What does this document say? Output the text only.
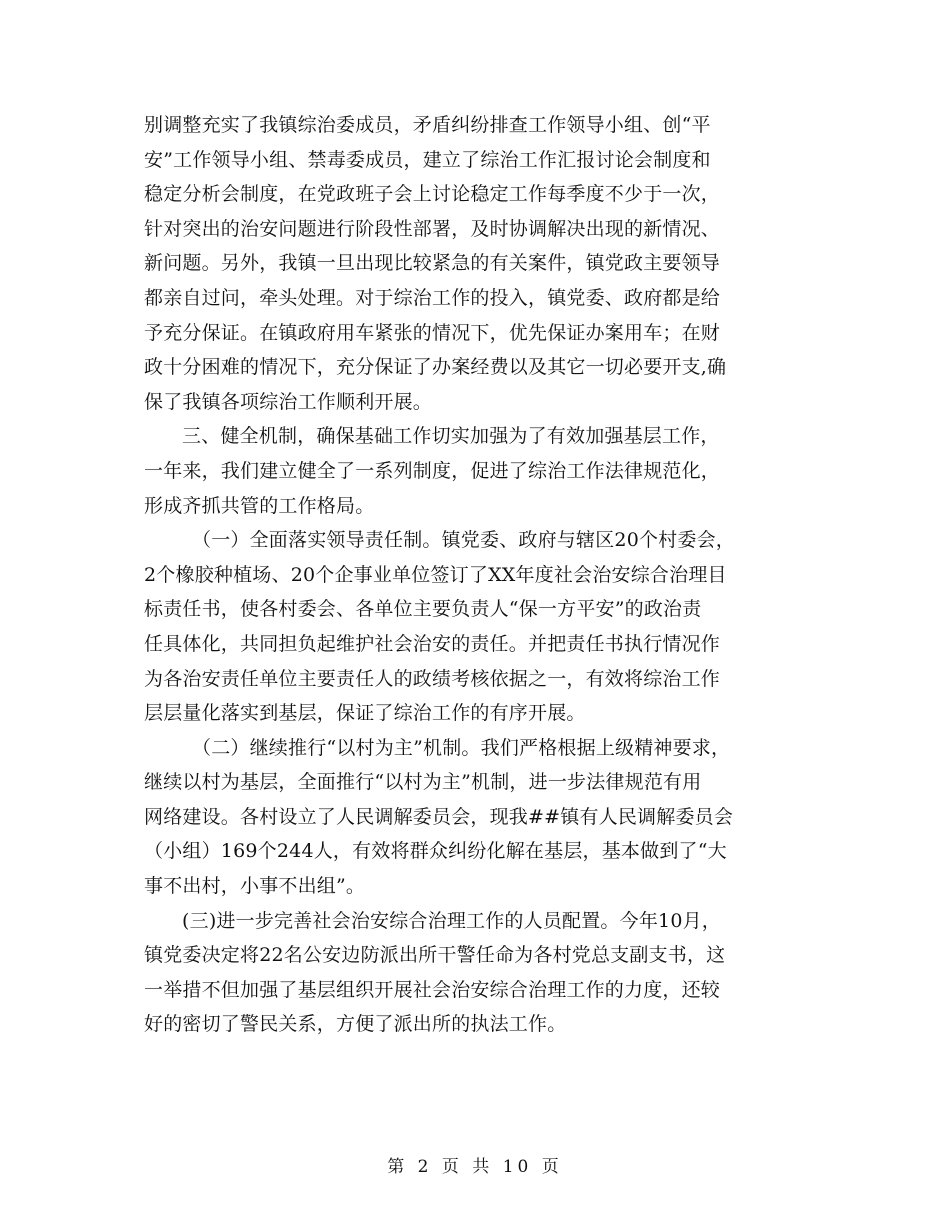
别调整充实了我镇综治委成员，矛盾纠纷排查工作领导小组、创“平
安”工作领导小组、禁毒委成员，建立了综治工作汇报讨论会制度和
稳定分析会制度，在党政班子会上讨论稳定工作每季度不少于一次，
针对突出的治安问题进行阶段性部署，及时协调解决出现的新情况、
新问题。另外，我镇一旦出现比较紧急的有关案件，镇党政主要领导
都亲自过问，牵头处理。对于综治工作的投入，镇党委、政府都是给
予充分保证。在镇政府用车紧张的情况下，优先保证办案用车；在财
政十分困难的情况下，充分保证了办案经费以及其它一切必要开支,确
保了我镇各项综治工作顺利开展。

三、健全机制，确保基础工作切实加强为了有效加强基层工作，
一年来，我们建立健全了一系列制度，促进了综治工作法律规范化，
形成齐抓共管的工作格局。

（一）全面落实领导责任制。镇党委、政府与辖区20个村委会，
2个橡胶种植场、20个企事业单位签订了XX年度社会治安综合治理目
标责任书，使各村委会、各单位主要负责人“保一方平安”的政治责
任具体化，共同担负起维护社会治安的责任。并把责任书执行情况作
为各治安责任单位主要责任人的政绩考核依据之一，有效将综治工作
层层量化落实到基层，保证了综治工作的有序开展。

（二）继续推行“以村为主”机制。我们严格根据上级精神要求，
继续以村为基层，全面推行“以村为主”机制，进一步法律规范有用
网络建设。各村设立了人民调解委员会，现我##镇有人民调解委员会
（小组）169个244人，有效将群众纠纷化解在基层，基本做到了“大
事不出村，小事不出组”。

(三)进一步完善社会治安综合治理工作的人员配置。今年10月，
镇党委决定将22名公安边防派出所干警任命为各村党总支副支书，这
一举措不但加强了基层组织开展社会治安综合治理工作的力度，还较
好的密切了警民关系，方便了派出所的执法工作。

第 2 页 共 10 页
